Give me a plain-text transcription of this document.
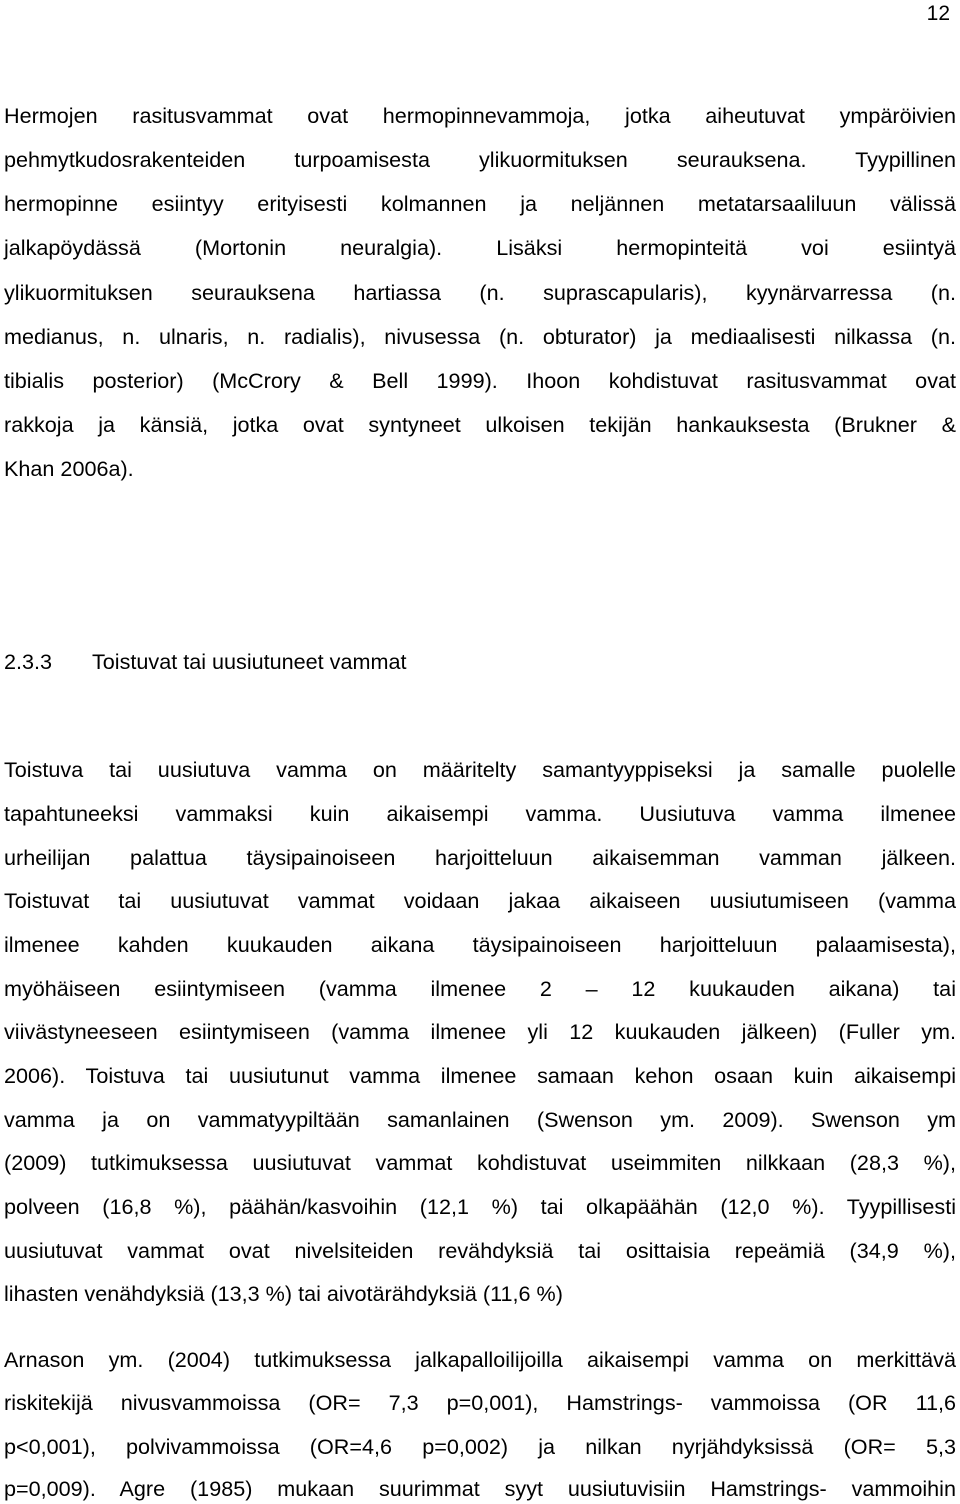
12
Hermojen rasitusvammat ovat hermopinnevammoja, jotka aiheutuvat ympäröivien
pehmytkudosrakenteiden turpoamisesta ylikuormituksen seurauksena. Tyypillinen
hermopinne esiintyy erityisesti kolmannen ja neljännen metatarsaaliluun välissä
jalkapöydässä (Mortonin neuralgia). Lisäksi hermopinteitä voi esiintyä
ylikuormituksen seurauksena hartiassa (n. suprascapularis), kyynärvarressa (n.
medianus, n. ulnaris, n. radialis), nivusessa (n. obturator) ja mediaalisesti nilkassa (n.
tibialis posterior) (McCrory & Bell 1999). Ihoon kohdistuvat rasitusvammat ovat
rakkoja ja känsiä, jotka ovat syntyneet ulkoisen tekijän hankauksesta (Brukner &
Khan 2006a).
2.3.3 Toistuvat tai uusiutuneet vammat
Toistuva tai uusiutuva vamma on määritelty samantyyppiseksi ja samalle puolelle
tapahtuneeksi vammaksi kuin aikaisempi vamma. Uusiutuva vamma ilmenee
urheilijan palattua täysipainoiseen harjoitteluun aikaisemman vamman jälkeen.
Toistuvat tai uusiutuvat vammat voidaan jakaa aikaiseen uusiutumiseen (vamma
ilmenee kahden kuukauden aikana täysipainoiseen harjoitteluun palaamisesta),
myöhäiseen esiintymiseen (vamma ilmenee 2 – 12 kuukauden aikana) tai
viivästyneeseen esiintymiseen (vamma ilmenee yli 12 kuukauden jälkeen) (Fuller ym.
2006). Toistuva tai uusiutunut vamma ilmenee samaan kehon osaan kuin aikaisempi
vamma ja on vammatyypiltään samanlainen (Swenson ym. 2009). Swenson ym
(2009) tutkimuksessa uusiutuvat vammat kohdistuvat useimmiten nilkkaan (28,3 %),
polveen (16,8 %), päähän/kasvoihin (12,1 %) tai olkapäähän (12,0 %). Tyypillisesti
uusiutuvat vammat ovat nivelsiteiden revähdyksiä tai osittaisia repeämiä (34,9 %),
lihasten venähdyksiä (13,3 %) tai aivotärähdyksiä (11,6 %)
Arnason ym. (2004) tutkimuksessa jalkapalloilijoilla aikaisempi vamma on merkittävä
riskitekijä nivusvammoissa (OR= 7,3 p=0,001), Hamstrings- vammoissa (OR 11,6
p<0,001), polvivammoissa (OR=4,6 p=0,002) ja nilkan nyrjähdyksissä (OR= 5,3
p=0,009). Agre (1985) mukaan suurimmat syyt uusiutuvisiin Hamstrings- vammoihin
